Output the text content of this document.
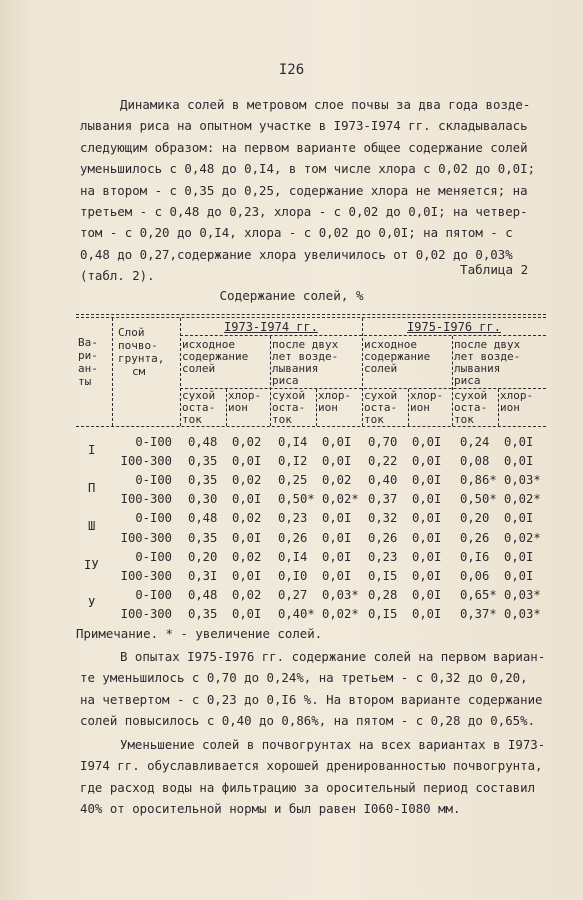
I26
Динамика солей в метровом слое почвы за два года возде-
лывания риса на опытном участке в I973-I974 гг. складывалась
следующим образом: на первом варианте общее содержание солей
уменьшилось с 0,48 до 0,I4, в том числе хлора с 0,02 до 0,0I;
на втором - с 0,35 до 0,25, содержание хлора не меняется; на
третьем - с 0,48 до 0,23, хлора - с 0,02 до 0,0I; на четвер-
том - с 0,20 до 0,I4, хлора - с 0,02 до 0,0I; на пятом - с
0,48 до 0,27,содержание хлора увеличилось от 0,02 до 0,03%
(табл. 2).	Таблица 2
Содержание солей, %
Ва-
ри-
ан-
ты
Слой
почво-
грунта,
см
I973-I974 гг.	I975-I976 гг.
исходное
содержание
солей
после двух
лет возде-
лывания
риса
исходное
содержание
солей
после двух
лет возде-
лывания
риса
сухой
оста-
ток
хлор-
ион
сухой
оста-
ток
хлор-
ион
сухой
оста-
ток
хлор-
ион
сухой
оста-
ток
хлор-
ион
0-I00 0,48 0,02 0,I4 0,0I 0,70 0,0I 0,24 0,0I
I00-300 0,35 0,0I 0,I2 0,0I 0,22 0,0I 0,08 0,0I
0-I00 0,35 0,02 0,25 0,02 0,40 0,0I 0,86* 0,03*
I00-300 0,30 0,0I 0,50* 0,02* 0,37 0,0I 0,50* 0,02*
0-I00 0,48 0,02 0,23 0,0I 0,32 0,0I 0,20 0,0I
I00-300 0,35 0,0I 0,26 0,0I 0,26 0,0I 0,26 0,02*
0-I00 0,20 0,02 0,I4 0,0I 0,23 0,0I 0,I6 0,0I
I00-300 0,3I 0,0I 0,I0 0,0I 0,I5 0,0I 0,06 0,0I
0-I00 0,48 0,02 0,27 0,03* 0,28 0,0I 0,65* 0,03*
I00-300 0,35 0,0I 0,40* 0,02* 0,I5 0,0I 0,37* 0,03*
I
П
Ш
IУ
У
Примечание. * - увеличение солей.
В опытах I975-I976 гг. содержание солей на первом вариан-
те уменьшилось с 0,70 до 0,24%, на третьем - с 0,32 до 0,20,
на четвертом - с 0,23 до 0,I6 %. На втором варианте содержание
солей повысилось с 0,40 до 0,86%, на пятом - с 0,28 до 0,65%.
Уменьшение солей в почвогрунтах на всех вариантах в I973-
I974 гг. обуславливается хорошей дренированностью почвогрунта,
где расход воды на фильтрацию за оросительный период составил
40% от оросительной нормы и был равен I060-I080 мм.
